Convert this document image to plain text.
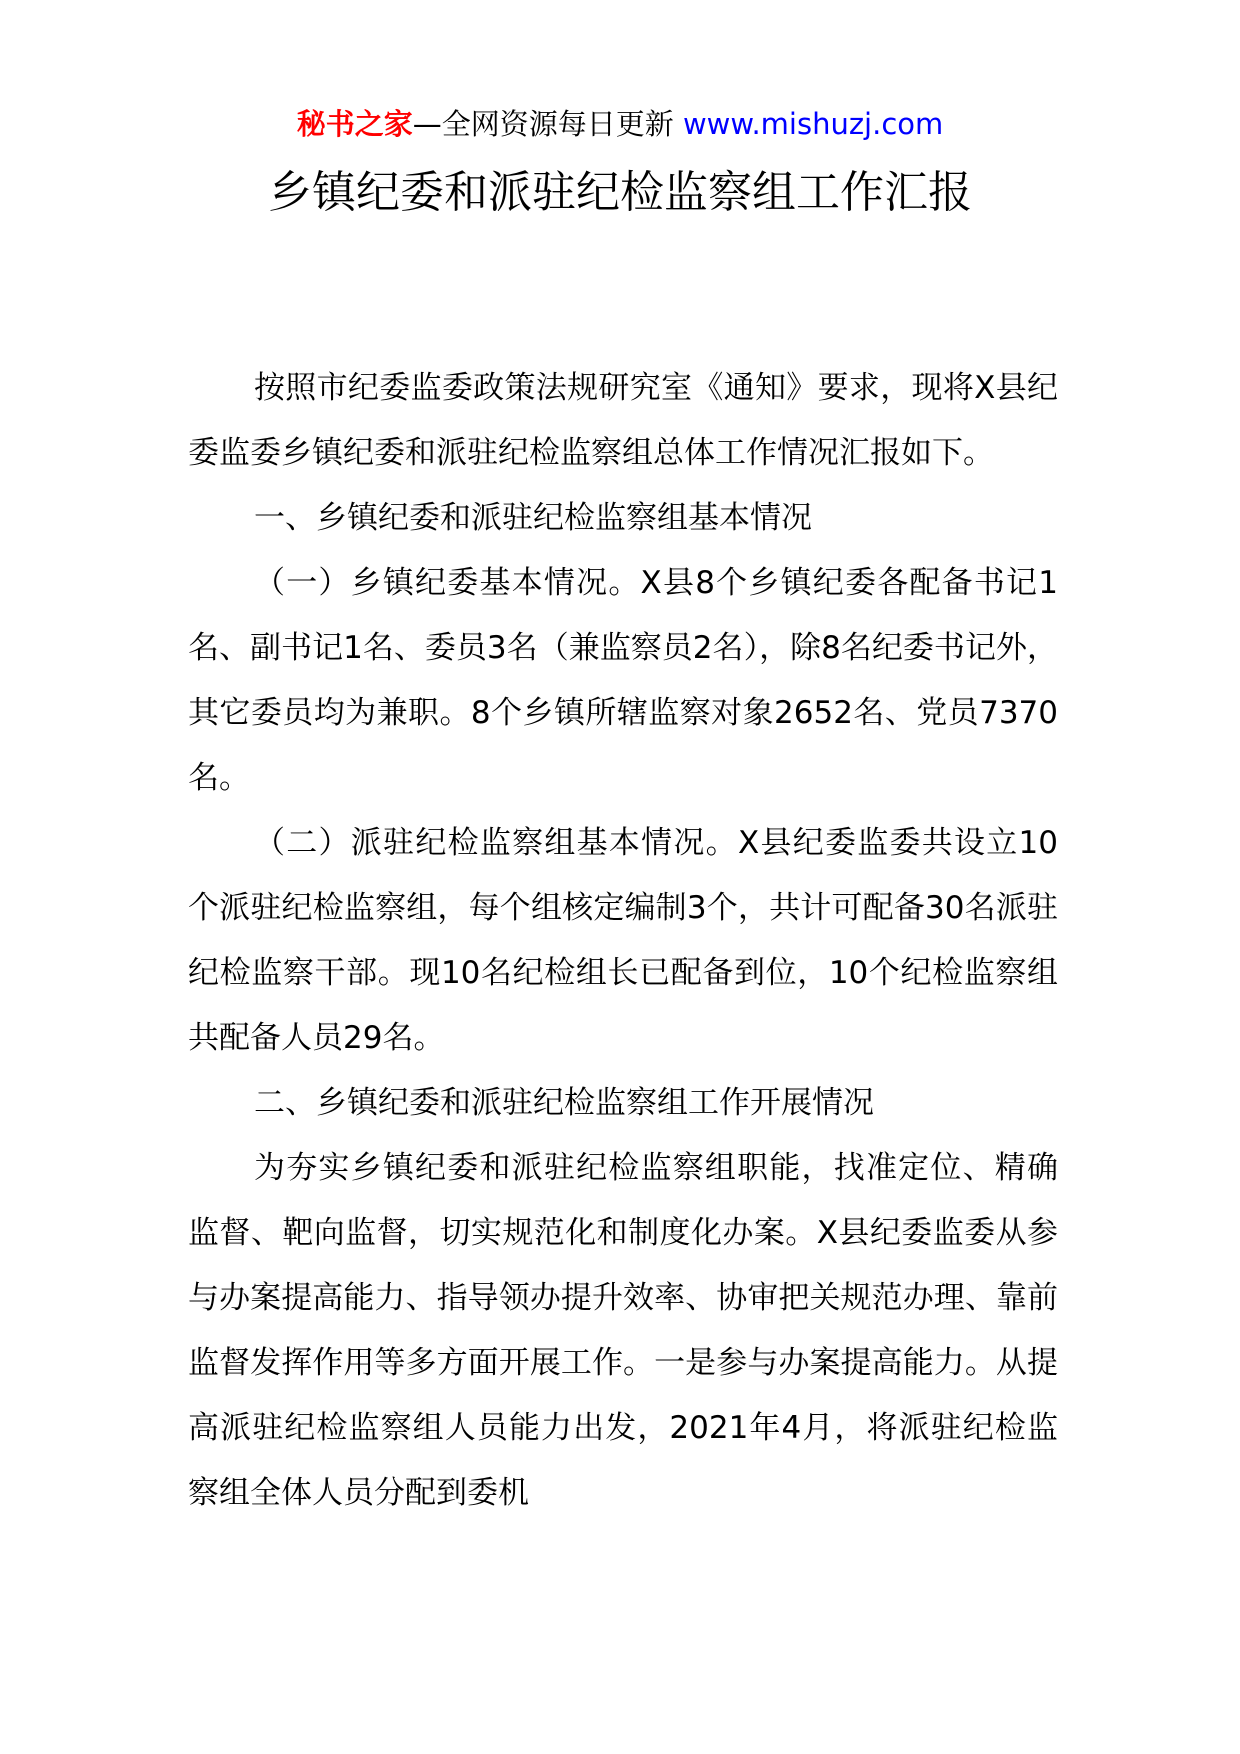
秘书之家—全网资源每日更新 www.mishuzj.com
乡镇纪委和派驻纪检监察组工作汇报

按照市纪委监委政策法规研究室《通知》要求，现将X县纪委监委乡镇纪委和派驻纪检监察组总体工作情况汇报如下。

一、乡镇纪委和派驻纪检监察组基本情况

（一）乡镇纪委基本情况。X县8个乡镇纪委各配备书记1名、副书记1名、委员3名（兼监察员2名），除8名纪委书记外，其它委员均为兼职。8个乡镇所辖监察对象2652名、党员7370名。

（二）派驻纪检监察组基本情况。X县纪委监委共设立10个派驻纪检监察组，每个组核定编制3个，共计可配备30名派驻纪检监察干部。现10名纪检组长已配备到位，10个纪检监察组共配备人员29名。

二、乡镇纪委和派驻纪检监察组工作开展情况

为夯实乡镇纪委和派驻纪检监察组职能，找准定位、精确监督、靶向监督，切实规范化和制度化办案。X县纪委监委从参与办案提高能力、指导领办提升效率、协审把关规范办理、靠前监督发挥作用等多方面开展工作。一是参与办案提高能力。从提高派驻纪检监察组人员能力出发，2021年4月，将派驻纪检监察组全体人员分配到委机
